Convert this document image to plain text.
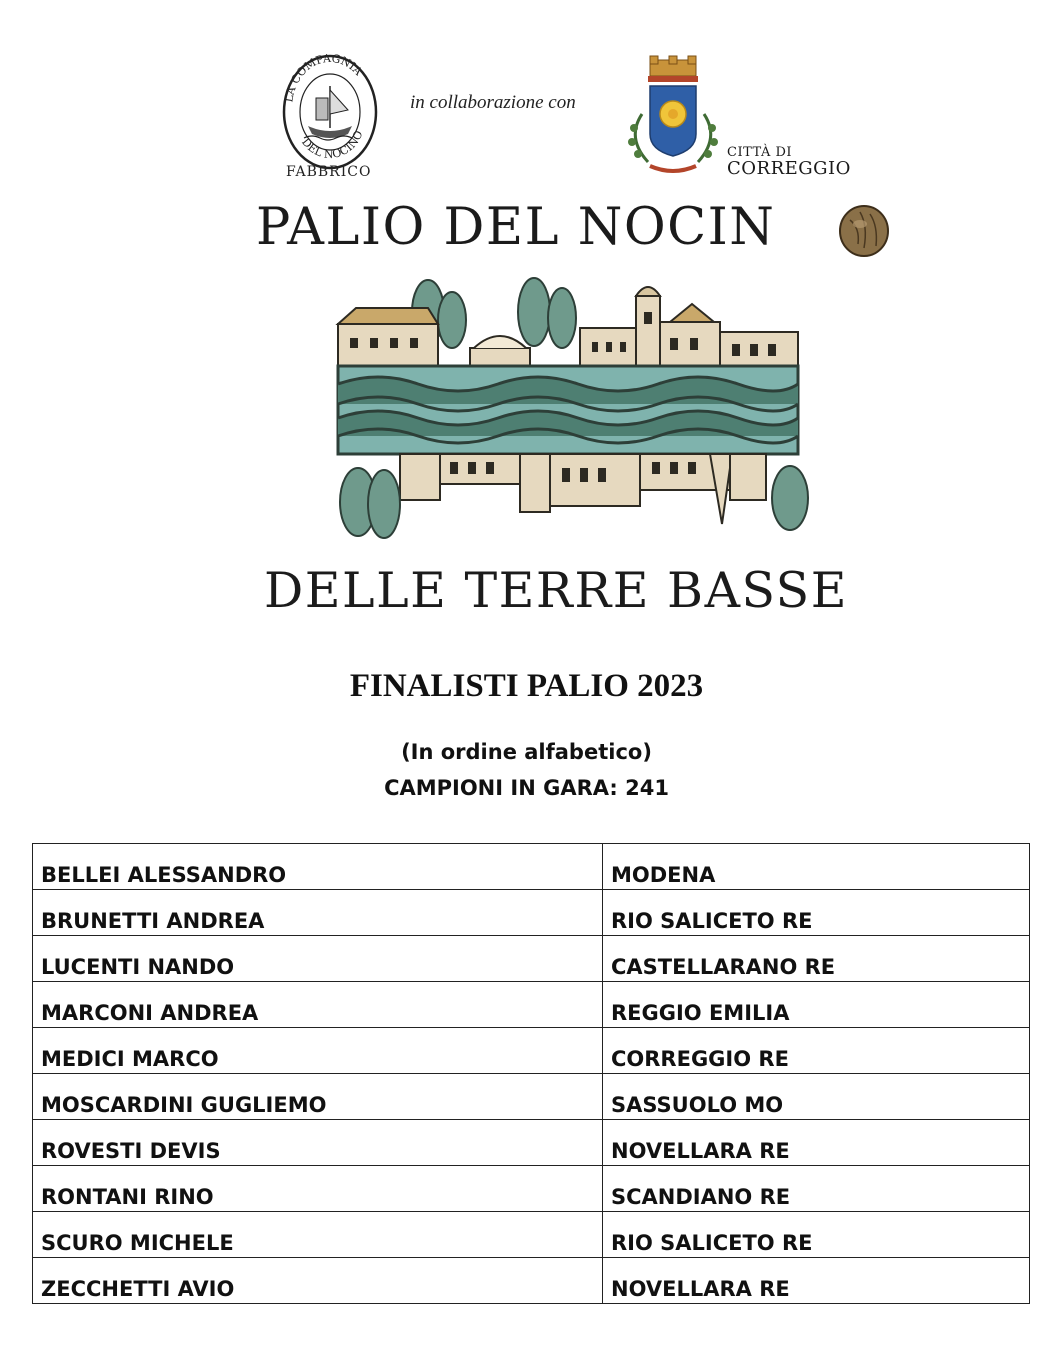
LA COMPAGNIA
DEL NOCINO
FABBRICO
in collaborazione con
CITTÀ DI
CORREGGIO
PALIO DEL NOCIN
DELLE TERRE BASSE
FINALISTI PALIO 2023
(In ordine alfabetico)
CAMPIONI IN GARA: 241
BELLEI ALESSANDRO	MODENA
BRUNETTI ANDREA	RIO SALICETO RE
LUCENTI NANDO	CASTELLARANO RE
MARCONI ANDREA	REGGIO EMILIA
MEDICI MARCO	CORREGGIO RE
MOSCARDINI GUGLIEMO	SASSUOLO MO
ROVESTI DEVIS	NOVELLARA RE
RONTANI RINO	SCANDIANO RE
SCURO MICHELE	RIO SALICETO RE
ZECCHETTI AVIO	NOVELLARA RE
